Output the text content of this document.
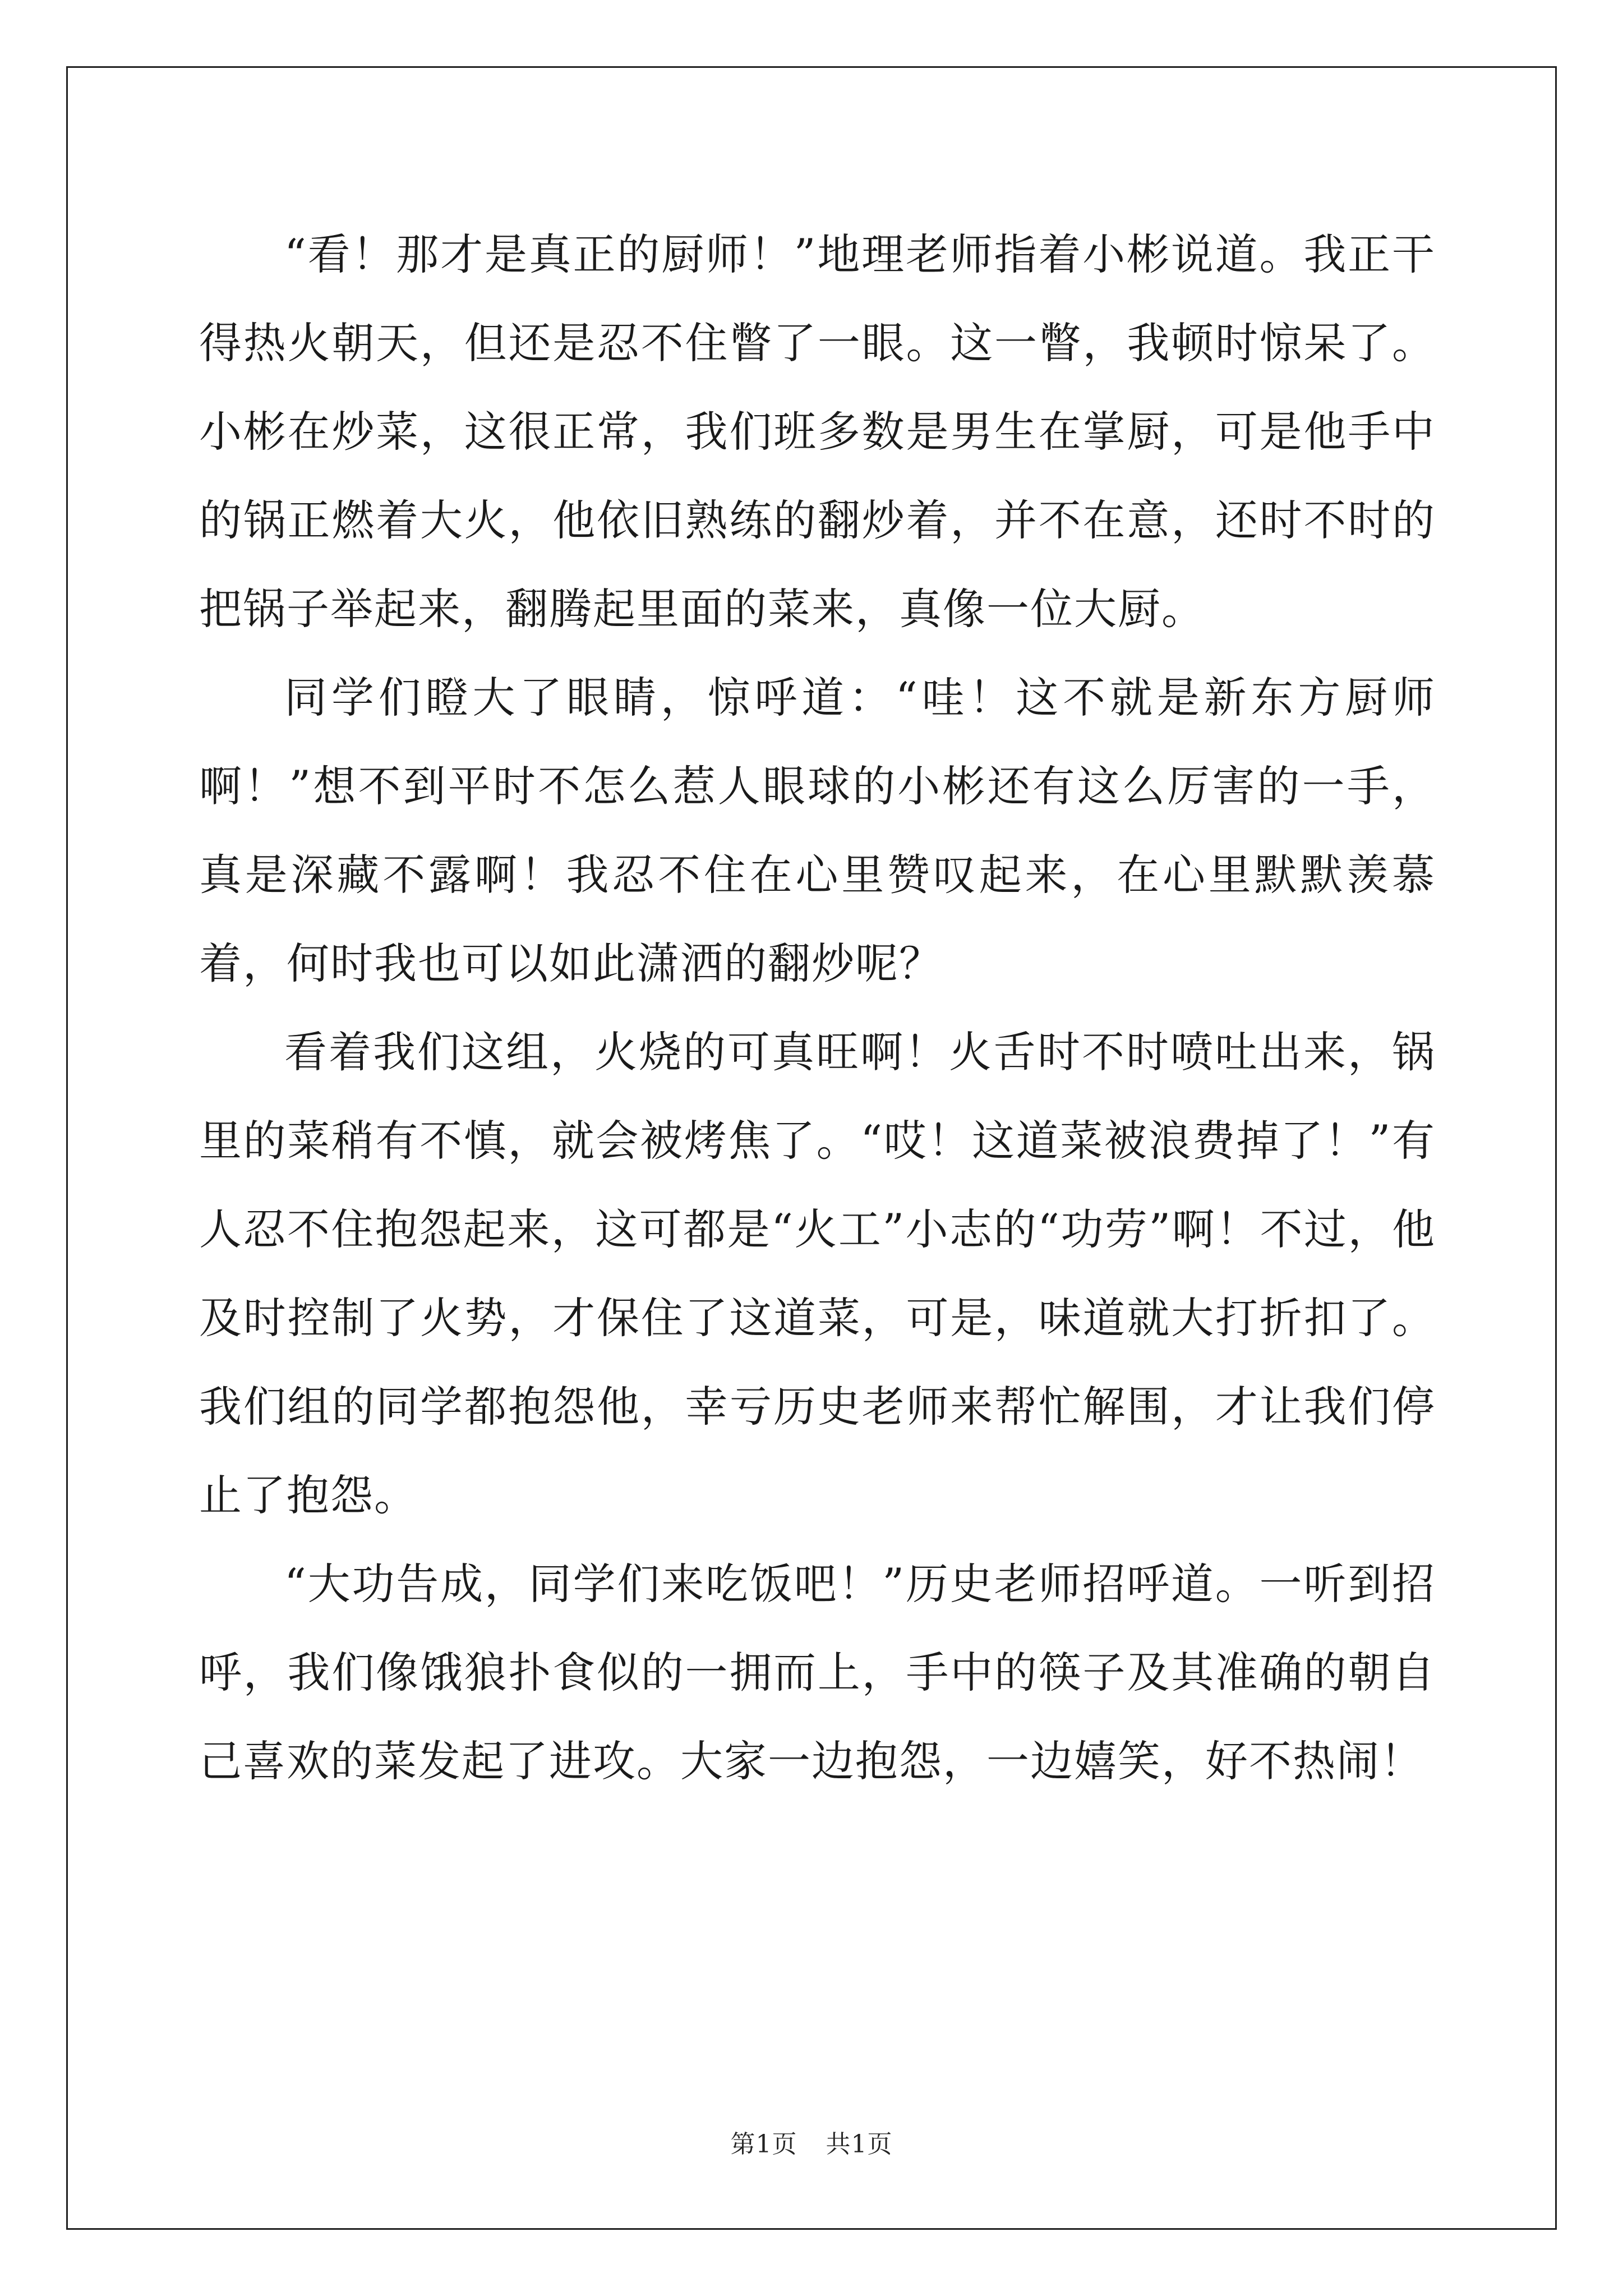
“看！那才是真正的厨师！”地理老师指着小彬说道。我正干得热火朝天，但还是忍不住瞥了一眼。这一瞥，我顿时惊呆了。小彬在炒菜，这很正常，我们班多数是男生在掌厨，可是他手中的锅正燃着大火，他依旧熟练的翻炒着，并不在意，还时不时的把锅子举起来，翻腾起里面的菜来，真像一位大厨。

同学们瞪大了眼睛，惊呼道：“哇！这不就是新东方厨师啊！”想不到平时不怎么惹人眼球的小彬还有这么厉害的一手，真是深藏不露啊！我忍不住在心里赞叹起来，在心里默默羡慕着，何时我也可以如此潇洒的翻炒呢？

看着我们这组，火烧的可真旺啊！火舌时不时喷吐出来，锅里的菜稍有不慎，就会被烤焦了。“哎！这道菜被浪费掉了！”有人忍不住抱怨起来，这可都是“火工”小志的“功劳”啊！不过，他及时控制了火势，才保住了这道菜，可是，味道就大打折扣了。我们组的同学都抱怨他，幸亏历史老师来帮忙解围，才让我们停止了抱怨。

“大功告成，同学们来吃饭吧！”历史老师招呼道。一听到招呼，我们像饿狼扑食似的一拥而上，手中的筷子及其准确的朝自己喜欢的菜发起了进攻。大家一边抱怨，一边嬉笑，好不热闹！

第1页 共1页
